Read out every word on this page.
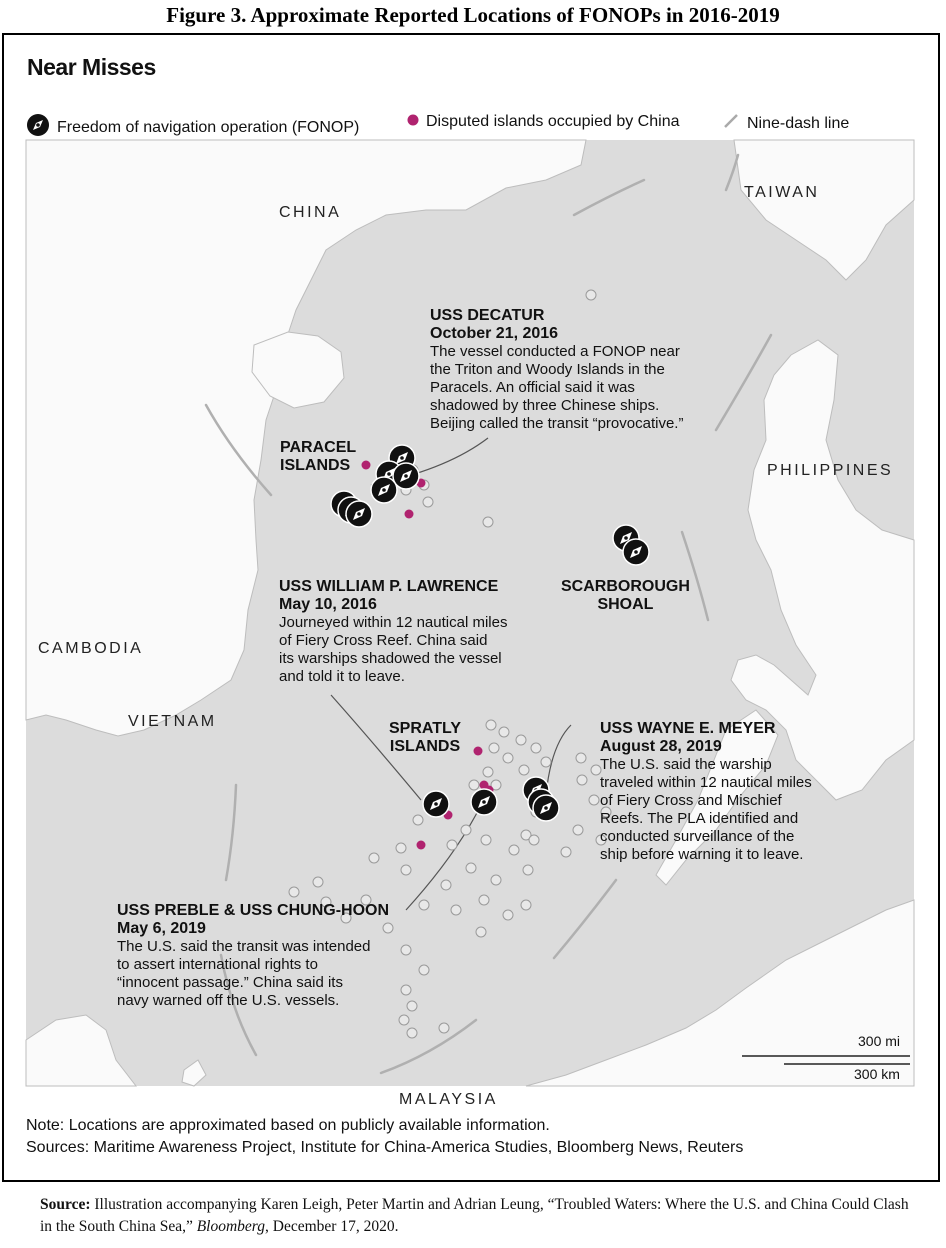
Figure 3. Approximate Reported Locations of FONOPs in 2016-2019
Near Misses
Freedom of navigation operation (FONOP)	Disputed islands occupied by China	Nine-dash line
CHINA
TAIWAN
PHILIPPINES
CAMBODIA
VIETNAM
MALAYSIA
PARACEL
ISLANDS
SCARBOROUGH
SHOAL
SPRATLY
ISLANDS
USS DECATUR
October 21, 2016
The vessel conducted a FONOP near
the Triton and Woody Islands in the
Paracels. An official said it was
shadowed by three Chinese ships.
Beijing called the transit “provocative.”
USS WILLIAM P. LAWRENCE
May 10, 2016
Journeyed within 12 nautical miles
of Fiery Cross Reef. China said
its warships shadowed the vessel
and told it to leave.
USS WAYNE E. MEYER
August 28, 2019
The U.S. said the warship
traveled within 12 nautical miles
of Fiery Cross and Mischief
Reefs. The PLA identified and
conducted surveillance of the
ship before warning it to leave.
USS PREBLE & USS CHUNG-HOON
May 6, 2019
The U.S. said the transit was intended
to assert international rights to
“innocent passage.” China said its
navy warned off the U.S. vessels.
300 mi
300 km
Note: Locations are approximated based on publicly available information.
Sources: Maritime Awareness Project, Institute for China-America Studies, Bloomberg News, Reuters
Source: Illustration accompanying Karen Leigh, Peter Martin and Adrian Leung, “Troubled Waters: Where the U.S. and China Could Clash in the South China Sea,” Bloomberg, December 17, 2020.
